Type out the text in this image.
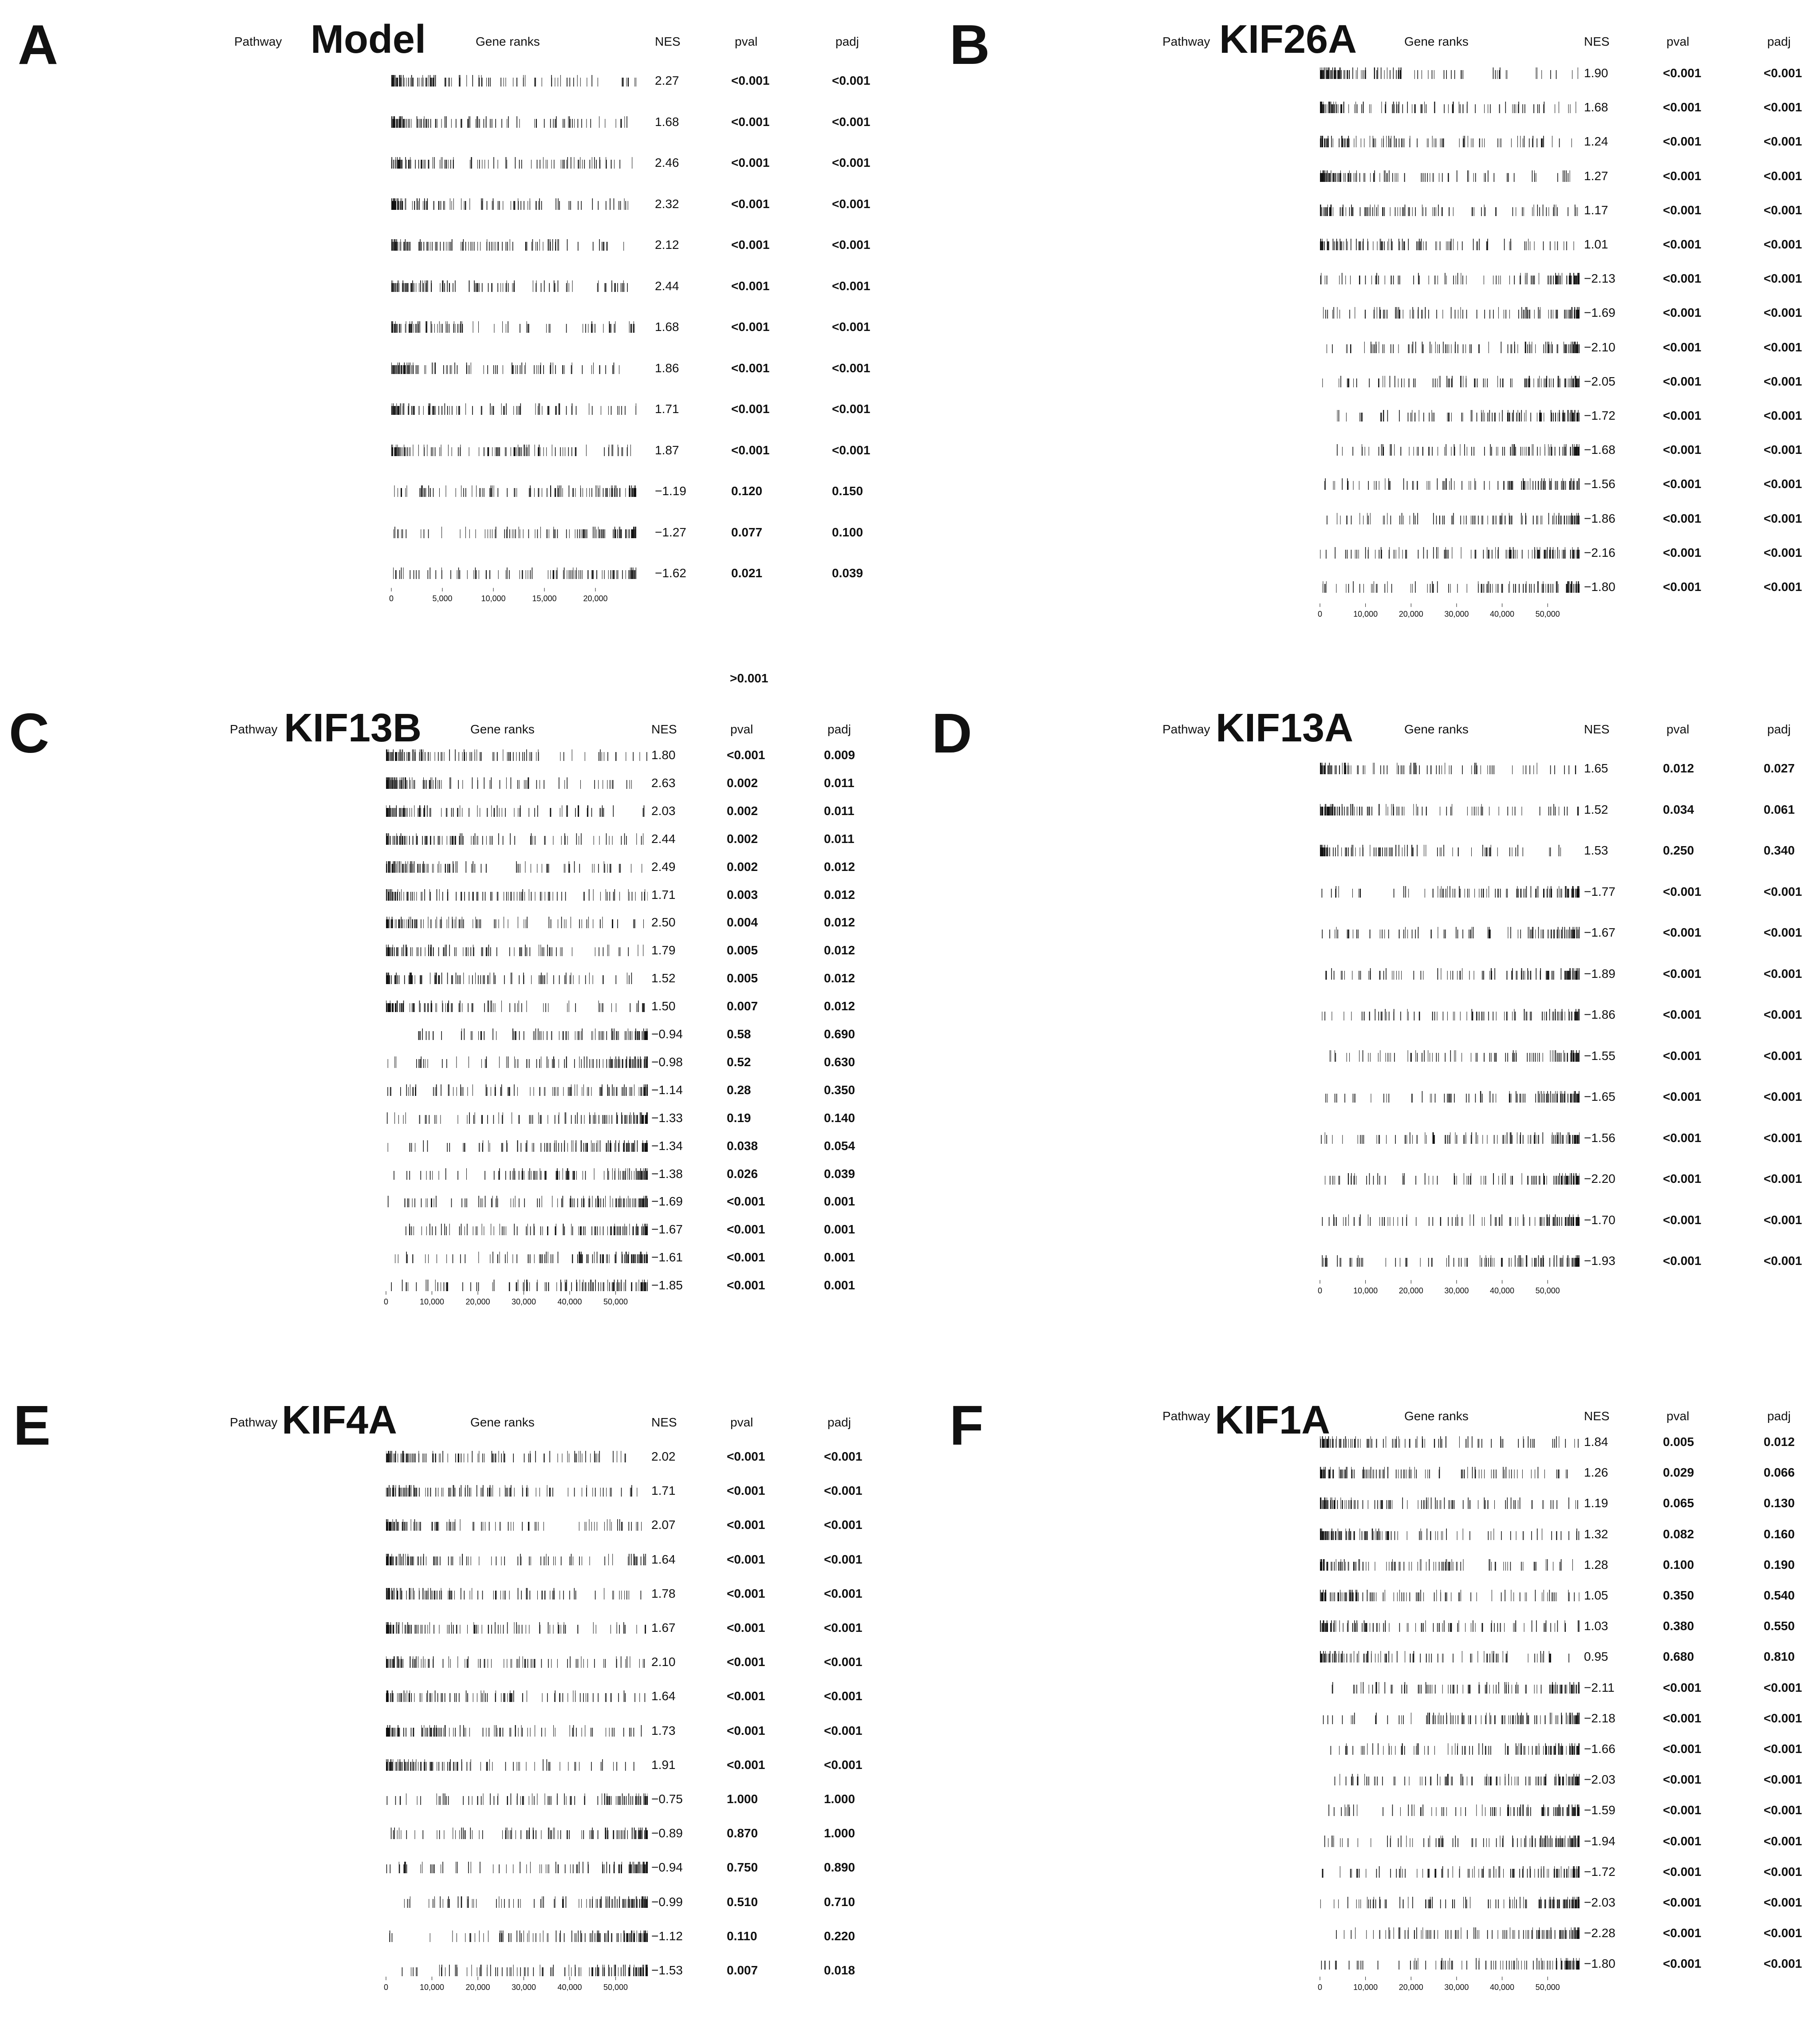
A	Model
Pathway	Gene ranks	NES	pval	padj
2.27	<0.001	<0.001
1.68	<0.001	<0.001
2.46	<0.001	<0.001
2.32	<0.001	<0.001
2.12	<0.001	<0.001
2.44	<0.001	<0.001
1.68	<0.001	<0.001
1.86	<0.001	<0.001
1.71	<0.001	<0.001
1.87	<0.001	<0.001
−1.19	0.120	0.150
−1.27	0.077	0.100
−1.62	0.021	0.039
0	5,000	10,000	15,000	20,000
B	KIF26A
Pathway	Gene ranks	NES	pval	padj
1.90	<0.001	<0.001
1.68	<0.001	<0.001
1.24	<0.001	<0.001
1.27	<0.001	<0.001
1.17	<0.001	<0.001
1.01	<0.001	<0.001
−2.13	<0.001	<0.001
−1.69	<0.001	<0.001
−2.10	<0.001	<0.001
−2.05	<0.001	<0.001
−1.72	<0.001	<0.001
−1.68	<0.001	<0.001
−1.56	<0.001	<0.001
−1.86	<0.001	<0.001
−2.16	<0.001	<0.001
−1.80	<0.001	<0.001
0	10,000	20,000	30,000	40,000	50,000
C	KIF13B
Pathway	Gene ranks	NES	pval	padj
1.80	<0.001	0.009
2.63	0.002	0.011
2.03	0.002	0.011
2.44	0.002	0.011
2.49	0.002	0.012
1.71	0.003	0.012
2.50	0.004	0.012
1.79	0.005	0.012
1.52	0.005	0.012
1.50	0.007	0.012
−0.94	0.58	0.690
−0.98	0.52	0.630
−1.14	0.28	0.350
−1.33	0.19	0.140
−1.34	0.038	0.054
−1.38	0.026	0.039
−1.69	<0.001	0.001
−1.67	<0.001	0.001
−1.61	<0.001	0.001
−1.85	<0.001	0.001
0	10,000	20,000	30,000	40,000	50,000
D	KIF13A
Pathway	Gene ranks	NES	pval	padj
1.65	0.012	0.027
1.52	0.034	0.061
1.53	0.250	0.340
−1.77	<0.001	<0.001
−1.67	<0.001	<0.001
−1.89	<0.001	<0.001
−1.86	<0.001	<0.001
−1.55	<0.001	<0.001
−1.65	<0.001	<0.001
−1.56	<0.001	<0.001
−2.20	<0.001	<0.001
−1.70	<0.001	<0.001
−1.93	<0.001	<0.001
0	10,000	20,000	30,000	40,000	50,000
E	KIF4A
Pathway	Gene ranks	NES	pval	padj
2.02	<0.001	<0.001
1.71	<0.001	<0.001
2.07	<0.001	<0.001
1.64	<0.001	<0.001
1.78	<0.001	<0.001
1.67	<0.001	<0.001
2.10	<0.001	<0.001
1.64	<0.001	<0.001
1.73	<0.001	<0.001
1.91	<0.001	<0.001
−0.75	1.000	1.000
−0.89	0.870	1.000
−0.94	0.750	0.890
−0.99	0.510	0.710
−1.12	0.110	0.220
−1.53	0.007	0.018
0	10,000	20,000	30,000	40,000	50,000
F	KIF1A
Pathway	Gene ranks	NES	pval	padj
1.84	0.005	0.012
1.26	0.029	0.066
1.19	0.065	0.130
1.32	0.082	0.160
1.28	0.100	0.190
1.05	0.350	0.540
1.03	0.380	0.550
0.95	0.680	0.810
−2.11	<0.001	<0.001
−2.18	<0.001	<0.001
−1.66	<0.001	<0.001
−2.03	<0.001	<0.001
−1.59	<0.001	<0.001
−1.94	<0.001	<0.001
−1.72	<0.001	<0.001
−2.03	<0.001	<0.001
−2.28	<0.001	<0.001
−1.80	<0.001	<0.001
0	10,000	20,000	30,000	40,000	50,000
>0.001
